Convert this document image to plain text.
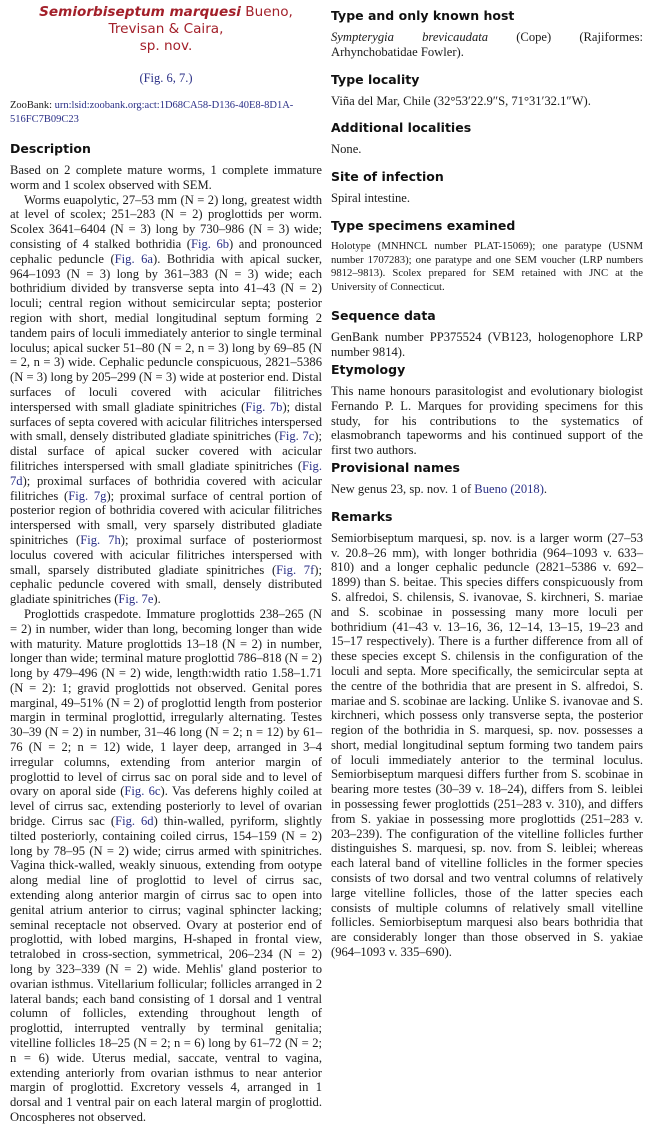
Semiorbiseptum marquesi Bueno, Trevisan & Caira,
sp. nov.
(Fig. 6, 7.)
ZooBank: urn:lsid:zoobank.org:act:1D68CA58-D136-40E8-8D1A-516FC7B09C23
Description

Based on 2 complete mature worms, 1 complete immature worm and 1 scolex observed with SEM.

Worms euapolytic, 27–53 mm (N = 2) long, greatest width at level of scolex; 251–283 (N = 2) proglottids per worm. Scolex 3641–6404 (N = 3) long by 730–986 (N = 3) wide; consisting of 4 stalked bothridia (Fig. 6b) and pronounced cephalic peduncle (Fig. 6a). Bothridia with apical sucker, 964–1093 (N = 3) long by 361–383 (N = 3) wide; each bothridium divided by transverse septa into 41–43 (N = 2) loculi; central region without semicircular septa; posterior region with short, medial longitudinal septum forming 2 tandem pairs of loculi immediately anterior to single terminal loculus; apical sucker 51–80 (N = 2, n = 3) long by 69–85 (N = 2, n = 3) wide. Cephalic peduncle conspicuous, 2821–5386 (N = 3) long by 205–299 (N = 3) wide at posterior end. Distal surfaces of loculi covered with acicular filitriches interspersed with small gladiate spinitriches (Fig. 7b); distal surfaces of septa covered with acicular filitriches interspersed with small, densely distributed gladiate spinitriches (Fig. 7c); distal surface of apical sucker covered with acicular filitriches interspersed with small gladiate spinitriches (Fig. 7d); proximal surfaces of bothridia covered with acicular filitriches (Fig. 7g); proximal surface of central portion of posterior region of bothridia covered with acicular filitriches interspersed with small, very sparsely distributed gladiate spinitriches (Fig. 7h); proximal surface of posteriormost loculus covered with acicular filitriches interspersed with small, sparsely distributed gladiate spinitriches (Fig. 7f); cephalic peduncle covered with small, densely distributed gladiate spinitriches (Fig. 7e).

Proglottids craspedote. Immature proglottids 238–265 (N = 2) in number, wider than long, becoming longer than wide with maturity. Mature proglottids 13–18 (N = 2) in number, longer than wide; terminal mature proglottid 786–818 (N = 2) long by 479–496 (N = 2) wide, length:width ratio 1.58–1.71 (N = 2): 1; gravid proglottids not observed. Genital pores marginal, 49–51% (N = 2) of proglottid length from posterior margin in terminal proglottid, irregularly alternating. Testes 30–39 (N = 2) in number, 31–46 long (N = 2; n = 12) by 61–76 (N = 2; n = 12) wide, 1 layer deep, arranged in 3–4 irregular columns, extending from anterior margin of proglottid to level of cirrus sac on poral side and to level of ovary on aporal side (Fig. 6c). Vas deferens highly coiled at level of cirrus sac, extending posteriorly to level of ovarian bridge. Cirrus sac (Fig. 6d) thin-walled, pyriform, slightly tilted posteriorly, containing coiled cirrus, 154–159 (N = 2) long by 78–95 (N = 2) wide; cirrus armed with spinitriches. Vagina thick-walled, weakly sinuous, extending from ootype along medial line of proglottid to level of cirrus sac, extending along anterior margin of cirrus sac to open into genital atrium anterior to cirrus; vaginal sphincter lacking; seminal receptacle not observed. Ovary at posterior end of proglottid, with lobed margins, H-shaped in frontal view, tetralobed in cross-section, symmetrical, 206–234 (N = 2) long by 323–339 (N = 2) wide. Mehlis' gland posterior to ovarian isthmus. Vitellarium follicular; follicles arranged in 2 lateral bands; each band consisting of 1 dorsal and 1 ventral column of follicles, extending throughout length of proglottid, interrupted ventrally by terminal genitalia; vitelline follicles 18–25 (N = 2; n = 6) long by 61–72 (N = 2; n = 6) wide. Uterus medial, saccate, ventral to vagina, extending anteriorly from ovarian isthmus to near anterior margin of proglottid. Excretory vessels 4, arranged in 1 dorsal and 1 ventral pair on each lateral margin of proglottid. Oncospheres not observed.

Type and only known host

Sympterygia brevicaudata (Cope) (Rajiformes: Arhynchobatidae Fowler).

Type locality

Viña del Mar, Chile (32°53′22.9″S, 71°31′32.1″W).

Additional localities

None.

Site of infection

Spiral intestine.

Type specimens examined

Holotype (MNHNCL number PLAT-15069); one paratype (USNM number 1707283); one paratype and one SEM voucher (LRP numbers 9812–9813). Scolex prepared for SEM retained with JNC at the University of Connecticut.

Sequence data

GenBank number PP375524 (VB123, hologenophore LRP number 9814).

Etymology

This name honours parasitologist and evolutionary biologist Fernando P. L. Marques for providing specimens for this study, for his contributions to the systematics of elasmobranch tapeworms and his continued support of the first two authors.

Provisional names

New genus 23, sp. nov. 1 of Bueno (2018).

Remarks

Semiorbiseptum marquesi, sp. nov. is a larger worm (27–53 v. 20.8–26 mm), with longer bothridia (964–1093 v. 633–810) and a longer cephalic peduncle (2821–5386 v. 692–1899) than S. beitae. This species differs conspicuously from S. alfredoi, S. chilensis, S. ivanovae, S. kirchneri, S. mariae and S. scobinae in possessing many more loculi per bothridium (41–43 v. 13–16, 36, 12–14, 13–15, 19–23 and 15–17 respectively). There is a further difference from all of these species except S. chilensis in the configuration of the loculi and septa. More specifically, the semicircular septa at the centre of the bothridia that are present in S. alfredoi, S. mariae and S. scobinae are lacking. Unlike S. ivanovae and S. kirchneri, which possess only transverse septa, the posterior region of the bothridia in S. marquesi, sp. nov. possesses a short, medial longitudinal septum forming two tandem pairs of loculi immediately anterior to the terminal loculus. Semiorbiseptum marquesi differs further from S. scobinae in bearing more testes (30–39 v. 18–24), differs from S. leiblei in possessing fewer proglottids (251–283 v. 310), and differs from S. yakiae in possessing more proglottids (251–283 v. 203–239). The configuration of the vitelline follicles further distinguishes S. marquesi, sp. nov. from S. leiblei; whereas each lateral band of vitelline follicles in the former species consists of two dorsal and two ventral columns of relatively large vitelline follicles, those of the latter species each consists of multiple columns of relatively small vitelline follicles. Semiorbiseptum marquesi also bears bothridia that are considerably longer than those observed in S. yakiae (964–1093 v. 335–690).
